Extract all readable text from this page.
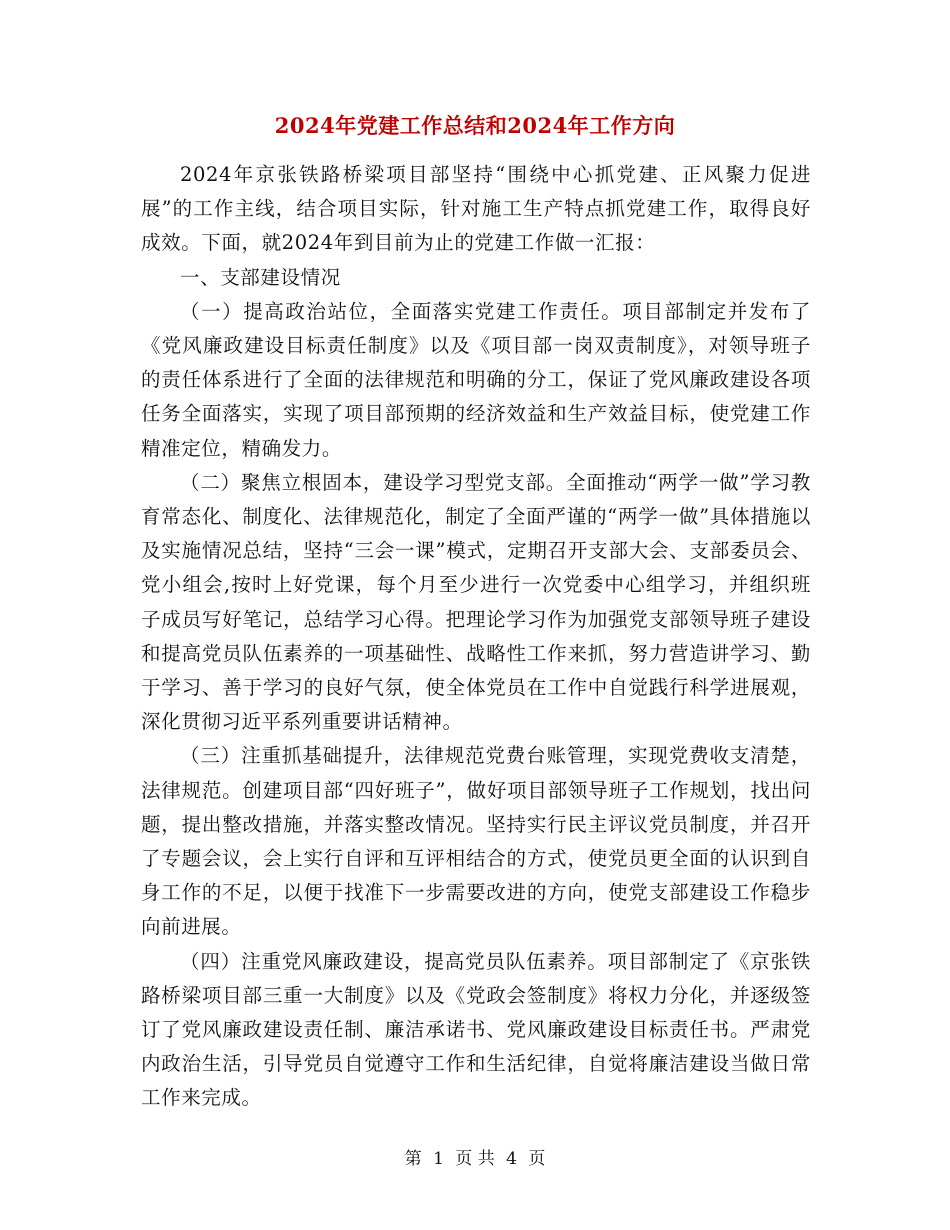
2024年党建工作总结和2024年工作方向

2024年京张铁路桥梁项目部坚持“围绕中心抓党建、正风聚力促进展”的工作主线，结合项目实际，针对施工生产特点抓党建工作，取得良好成效。下面，就2024年到目前为止的党建工作做一汇报：

一、支部建设情况

（一）提高政治站位，全面落实党建工作责任。项目部制定并发布了《党风廉政建设目标责任制度》以及《项目部一岗双责制度》，对领导班子的责任体系进行了全面的法律规范和明确的分工，保证了党风廉政建设各项任务全面落实，实现了项目部预期的经济效益和生产效益目标，使党建工作精准定位，精确发力。

（二）聚焦立根固本，建设学习型党支部。全面推动“两学一做”学习教育常态化、制度化、法律规范化，制定了全面严谨的“两学一做”具体措施以及实施情况总结，坚持“三会一课”模式，定期召开支部大会、支部委员会、党小组会,按时上好党课，每个月至少进行一次党委中心组学习，并组织班子成员写好笔记，总结学习心得。把理论学习作为加强党支部领导班子建设和提高党员队伍素养的一项基础性、战略性工作来抓，努力营造讲学习、勤于学习、善于学习的良好气氛，使全体党员在工作中自觉践行科学进展观，深化贯彻习近平系列重要讲话精神。

（三）注重抓基础提升，法律规范党费台账管理，实现党费收支清楚，法律规范。创建项目部“四好班子”，做好项目部领导班子工作规划，找出问题，提出整改措施，并落实整改情况。坚持实行民主评议党员制度，并召开了专题会议，会上实行自评和互评相结合的方式，使党员更全面的认识到自身工作的不足，以便于找准下一步需要改进的方向，使党支部建设工作稳步向前进展。

（四）注重党风廉政建设，提高党员队伍素养。项目部制定了《京张铁路桥梁项目部三重一大制度》以及《党政会签制度》将权力分化，并逐级签订了党风廉政建设责任制、廉洁承诺书、党风廉政建设目标责任书。严肃党内政治生活，引导党员自觉遵守工作和生活纪律，自觉将廉洁建设当做日常工作来完成。

第 1 页 共 4 页
